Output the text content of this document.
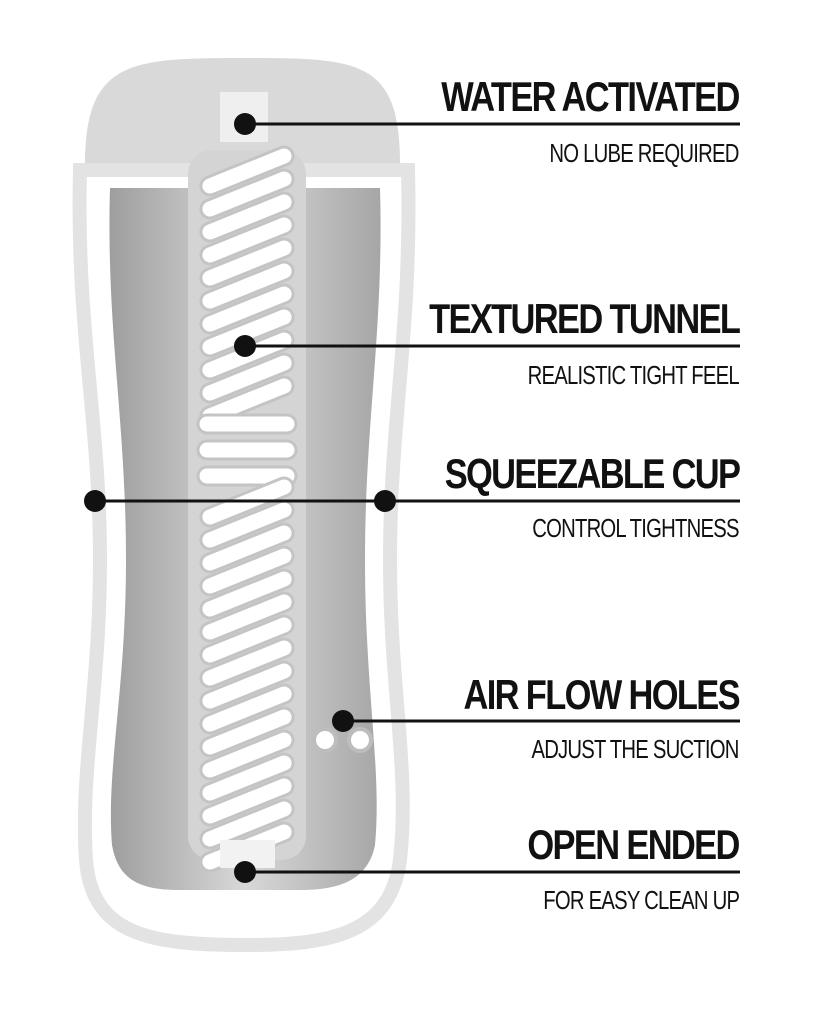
WATER ACTIVATED
NO LUBE REQUIRED
TEXTURED TUNNEL
REALISTIC TIGHT FEEL
SQUEEZABLE CUP
CONTROL TIGHTNESS
AIR FLOW HOLES
ADJUST THE SUCTION
OPEN ENDED
FOR EASY CLEAN UP
